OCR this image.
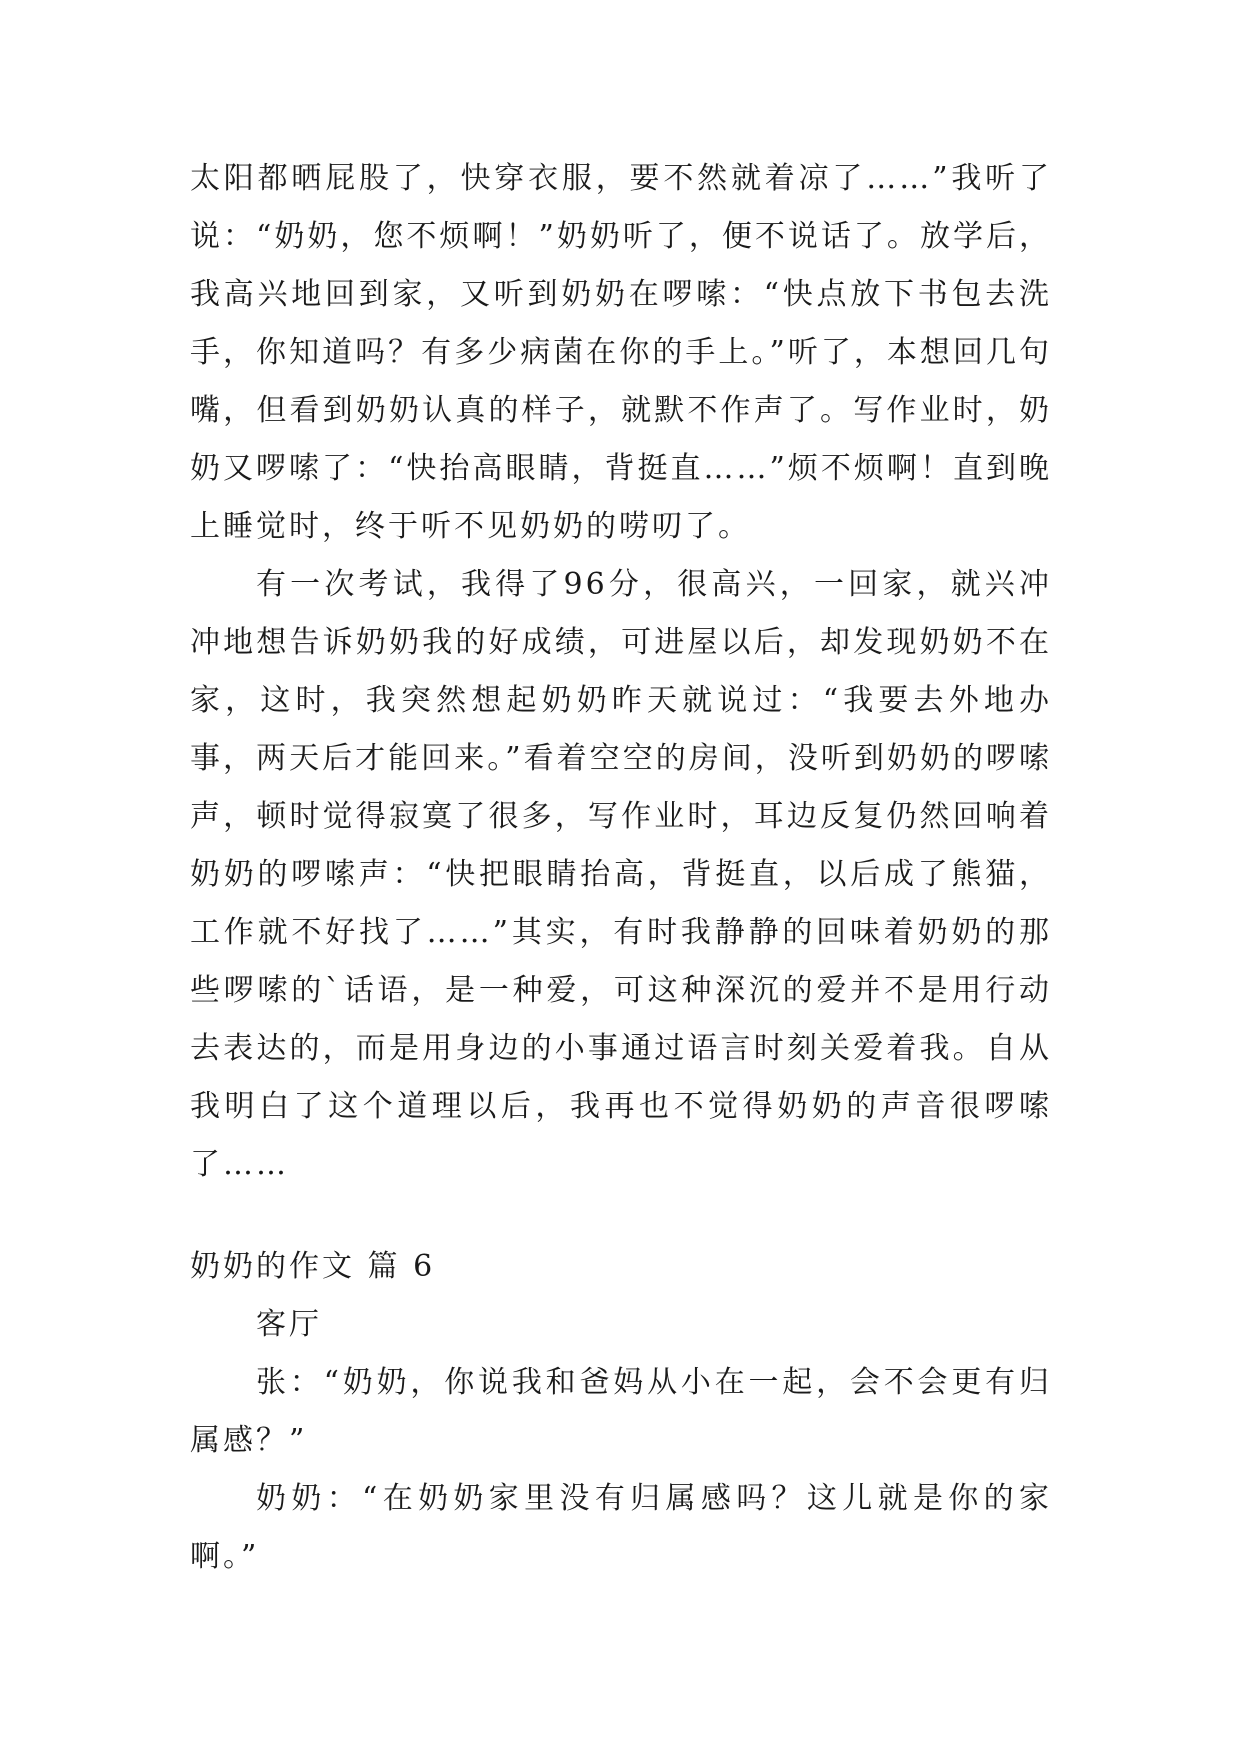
太阳都晒屁股了，快穿衣服，要不然就着凉了……”我听了说：“奶奶，您不烦啊！”奶奶听了，便不说话了。放学后，我高兴地回到家，又听到奶奶在啰嗦：“快点放下书包去洗手，你知道吗？有多少病菌在你的手上。”听了，本想回几句嘴，但看到奶奶认真的样子，就默不作声了。写作业时，奶奶又啰嗦了：“快抬高眼睛，背挺直……”烦不烦啊！直到晚上睡觉时，终于听不见奶奶的唠叨了。

有一次考试，我得了96分，很高兴，一回家，就兴冲冲地想告诉奶奶我的好成绩，可进屋以后，却发现奶奶不在家，这时，我突然想起奶奶昨天就说过：“我要去外地办事，两天后才能回来。”看着空空的房间，没听到奶奶的啰嗦声，顿时觉得寂寞了很多，写作业时，耳边反复仍然回响着奶奶的啰嗦声：“快把眼睛抬高，背挺直，以后成了熊猫，工作就不好找了……”其实，有时我静静的回味着奶奶的那些啰嗦的`话语，是一种爱，可这种深沉的爱并不是用行动去表达的，而是用身边的小事通过语言时刻关爱着我。自从我明白了这个道理以后，我再也不觉得奶奶的声音很啰嗦了……

奶奶的作文 篇 6

客厅

张：“奶奶，你说我和爸妈从小在一起，会不会更有归属感？”

奶奶：“在奶奶家里没有归属感吗？这儿就是你的家啊。”
